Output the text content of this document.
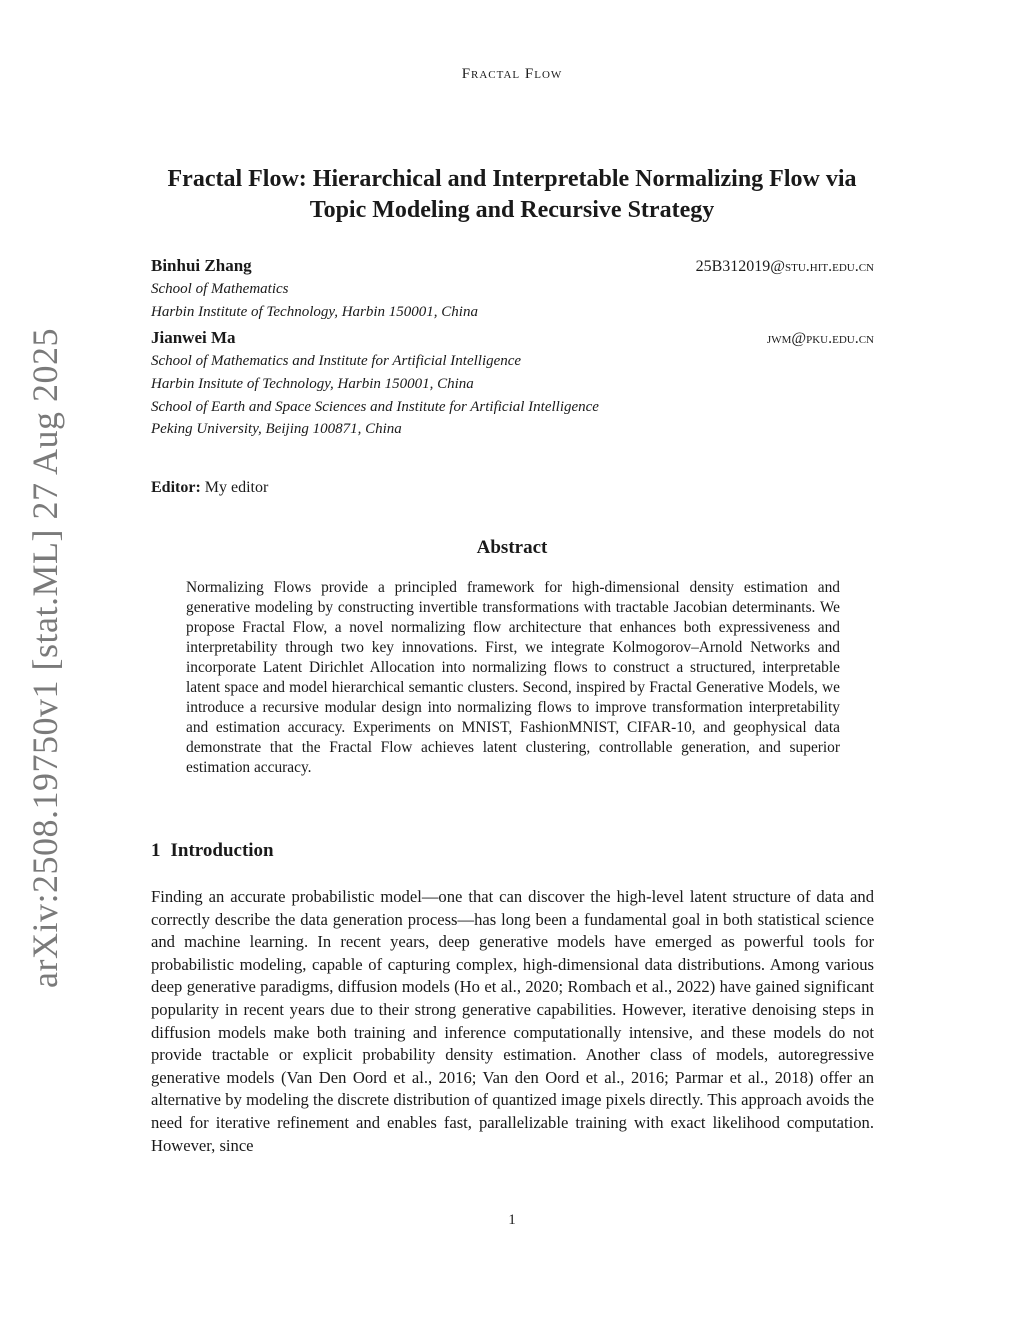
Fractal Flow
arXiv:2508.19750v1 [stat.ML] 27 Aug 2025
Fractal Flow: Hierarchical and Interpretable Normalizing Flow via Topic Modeling and Recursive Strategy
Binhui Zhang	25B312019@stu.hit.edu.cn
School of Mathematics
Harbin Institute of Technology, Harbin 150001, China
Jianwei Ma	jwm@pku.edu.cn
School of Mathematics and Institute for Artificial Intelligence
Harbin Insitute of Technology, Harbin 150001, China
School of Earth and Space Sciences and Institute for Artificial Intelligence
Peking University, Beijing 100871, China
Editor: My editor
Abstract

Normalizing Flows provide a principled framework for high-dimensional density estimation and generative modeling by constructing invertible transformations with tractable Jacobian determinants. We propose Fractal Flow, a novel normalizing flow architecture that enhances both expressiveness and interpretability through two key innovations. First, we integrate Kolmogorov–Arnold Networks and incorporate Latent Dirichlet Allocation into normalizing flows to construct a structured, interpretable latent space and model hierarchical semantic clusters. Second, inspired by Fractal Generative Models, we introduce a recursive modular design into normalizing flows to improve transformation interpretability and estimation accuracy. Experiments on MNIST, FashionMNIST, CIFAR-10, and geophysical data demonstrate that the Fractal Flow achieves latent clustering, controllable generation, and superior estimation accuracy.

1 Introduction

Finding an accurate probabilistic model—one that can discover the high-level latent structure of data and correctly describe the data generation process—has long been a fundamental goal in both statistical science and machine learning. In recent years, deep generative models have emerged as powerful tools for probabilistic modeling, capable of capturing complex, high-dimensional data distributions. Among various deep generative paradigms, diffusion models (Ho et al., 2020; Rombach et al., 2022) have gained significant popularity in recent years due to their strong generative capabilities. However, iterative denoising steps in diffusion models make both training and inference computationally intensive, and these models do not provide tractable or explicit probability density estimation. Another class of models, autoregressive generative models (Van Den Oord et al., 2016; Van den Oord et al., 2016; Parmar et al., 2018) offer an alternative by modeling the discrete distribution of quantized image pixels directly. This approach avoids the need for iterative refinement and enables fast, parallelizable training with exact likelihood computation. However, since

1
